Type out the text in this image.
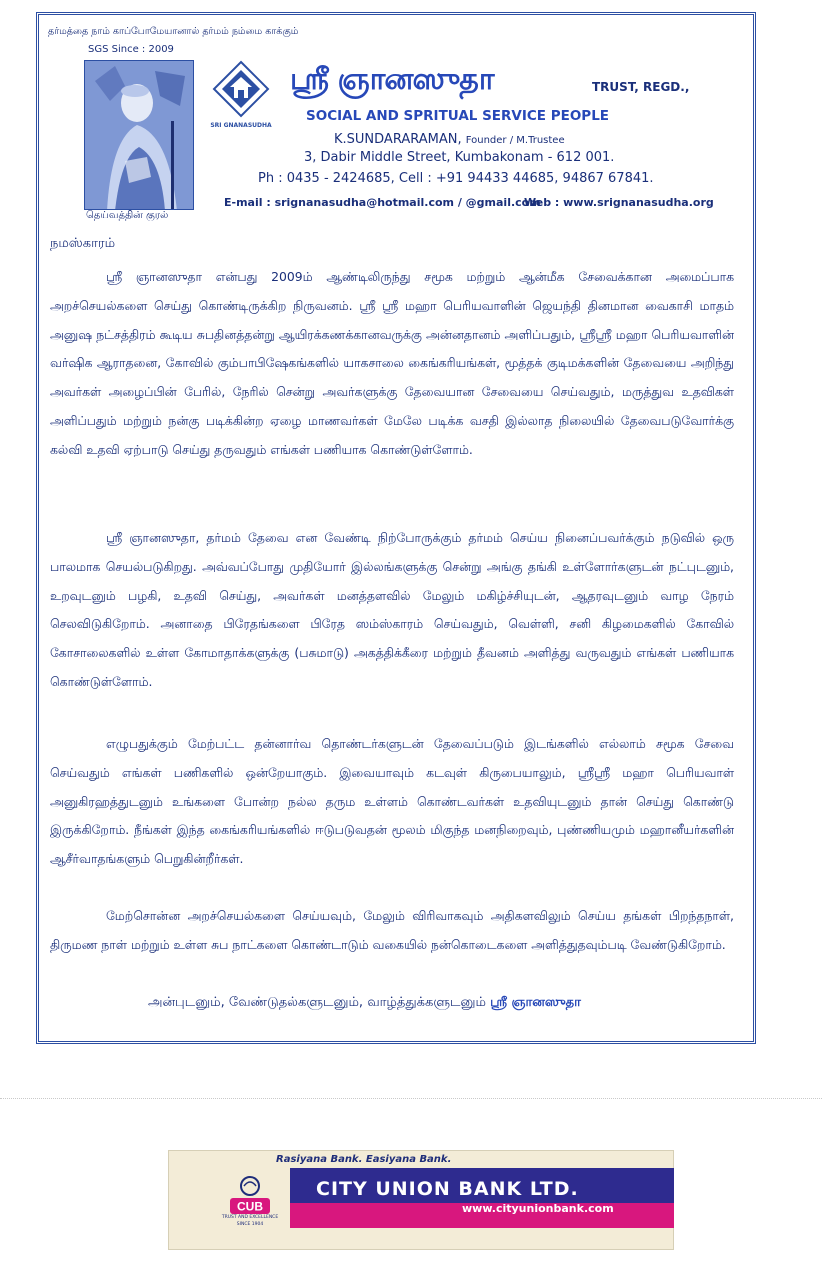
தர்மத்தை நாம் காப்போமேயானால் தர்மம் நம்மை காக்கும்
SGS Since : 2009
தெய்வத்தின் குரல்
SRI GNANASUDHA
ஸ்ரீ ஞானஸுதா	TRUST, REGD.,
SOCIAL AND SPRITUAL SERVICE PEOPLE
K.SUNDARARAMAN, Founder / M.Trustee
3, Dabir Middle Street, Kumbakonam - 612 001.
Ph : 0435 - 2424685, Cell : +91 94433 44685, 94867 67841.
E-mail : srignanasudha@hotmail.com / @gmail.com
Web : www.srignanasudha.org
நமஸ்காரம்

ஸ்ரீ ஞானஸுதா என்பது 2009ம் ஆண்டிலிருந்து சமூக மற்றும் ஆன்மீக சேவைக்கான அமைப்பாக அறச்செயல்களை செய்து கொண்டிருக்கிற நிருவனம். ஸ்ரீ ஸ்ரீ மஹா பெரியவாளின் ஜெயந்தி தினமான வைகாசி மாதம் அனுஷ நட்சத்திரம் கூடிய சுபதினத்தன்று ஆயிரக்கணக்கானவருக்கு அன்னதானம் அளிப்பதும், ஸ்ரீஸ்ரீ மஹா பெரியவாளின் வர்ஷிக ஆராதனை, கோவில் கும்பாபிஷேகங்களில் யாகசாலை கைங்கரியங்கள், மூத்தக் குடிமக்களின் தேவையை அறிந்து அவர்கள் அழைப்பின் பேரில், நேரில் சென்று அவர்களுக்கு தேவையான சேவையை செய்வதும், மருத்துவ உதவிகள் அளிப்பதும் மற்றும் நன்கு படிக்கின்ற ஏழை மாணவர்கள் மேலே படிக்க வசதி இல்லாத நிலையில் தேவைபடுவோர்க்கு கல்வி உதவி ஏற்பாடு செய்து தருவதும் எங்கள் பணியாக கொண்டுள்ளோம்.

ஸ்ரீ ஞானஸுதா, தர்மம் தேவை என வேண்டி நிற்போருக்கும் தர்மம் செய்ய நினைப்பவர்க்கும் நடுவில் ஒரு பாலமாக செயல்படுகிறது. அவ்வப்போது முதியோர் இல்லங்களுக்கு சென்று அங்கு தங்கி உள்ளோர்களுடன் நட்புடனும், உறவுடனும் பழகி, உதவி செய்து, அவர்கள் மனத்தளவில் மேலும் மகிழ்ச்சியுடன், ஆதரவுடனும் வாழ நேரம் செலவிடுகிறோம். அனாதை பிரேதங்களை பிரேத ஸம்ஸ்காரம் செய்வதும், வெள்ளி, சனி கிழமைகளில் கோவில் கோசாலைகளில் உள்ள கோமாதாக்களுக்கு (பசுமாடு) அகத்திக்கீரை மற்றும் தீவனம் அளித்து வருவதும் எங்கள் பணியாக கொண்டுள்ளோம்.

எழுபதுக்கும் மேற்பட்ட தன்னார்வ தொண்டர்களுடன் தேவைப்படும் இடங்களில் எல்லாம் சமூக சேவை செய்வதும் எங்கள் பணிகளில் ஒன்றேயாகும். இவையாவும் கடவுள் கிருபையாலும், ஸ்ரீஸ்ரீ மஹா பெரியவாள் அனுகிரஹத்துடனும் உங்களை போன்ற நல்ல தரும உள்ளம் கொண்டவர்கள் உதவியுடனும் தான் செய்து கொண்டு இருக்கிறோம். நீங்கள் இந்த கைங்கரியங்களில் ஈடுபடுவதன் மூலம் மிகுந்த மனநிறைவும், புண்ணியமும் மஹானீயர்களின் ஆசீர்வாதங்களும் பெறுகின்றீர்கள்.

மேற்சொன்ன அறச்செயல்களை செய்யவும், மேலும் விரிவாகவும் அதிகளவிலும் செய்ய தங்கள் பிறந்தநாள், திருமண நாள் மற்றும் உள்ள சுப நாட்களை கொண்டாடும் வகையில் நன்கொடைகளை அளித்துதவும்படி வேண்டுகிறோம்.

அன்புடனும், வேண்டுதல்களுடனும், வாழ்த்துக்களுடனும் ஸ்ரீ ஞானஸுதா
Rasiyana Bank. Easiyana Bank.
CITY UNION BANK LTD.
www.cityunionbank.com
CUB
TRUST AND EXCELLENCE
SINCE 1904
